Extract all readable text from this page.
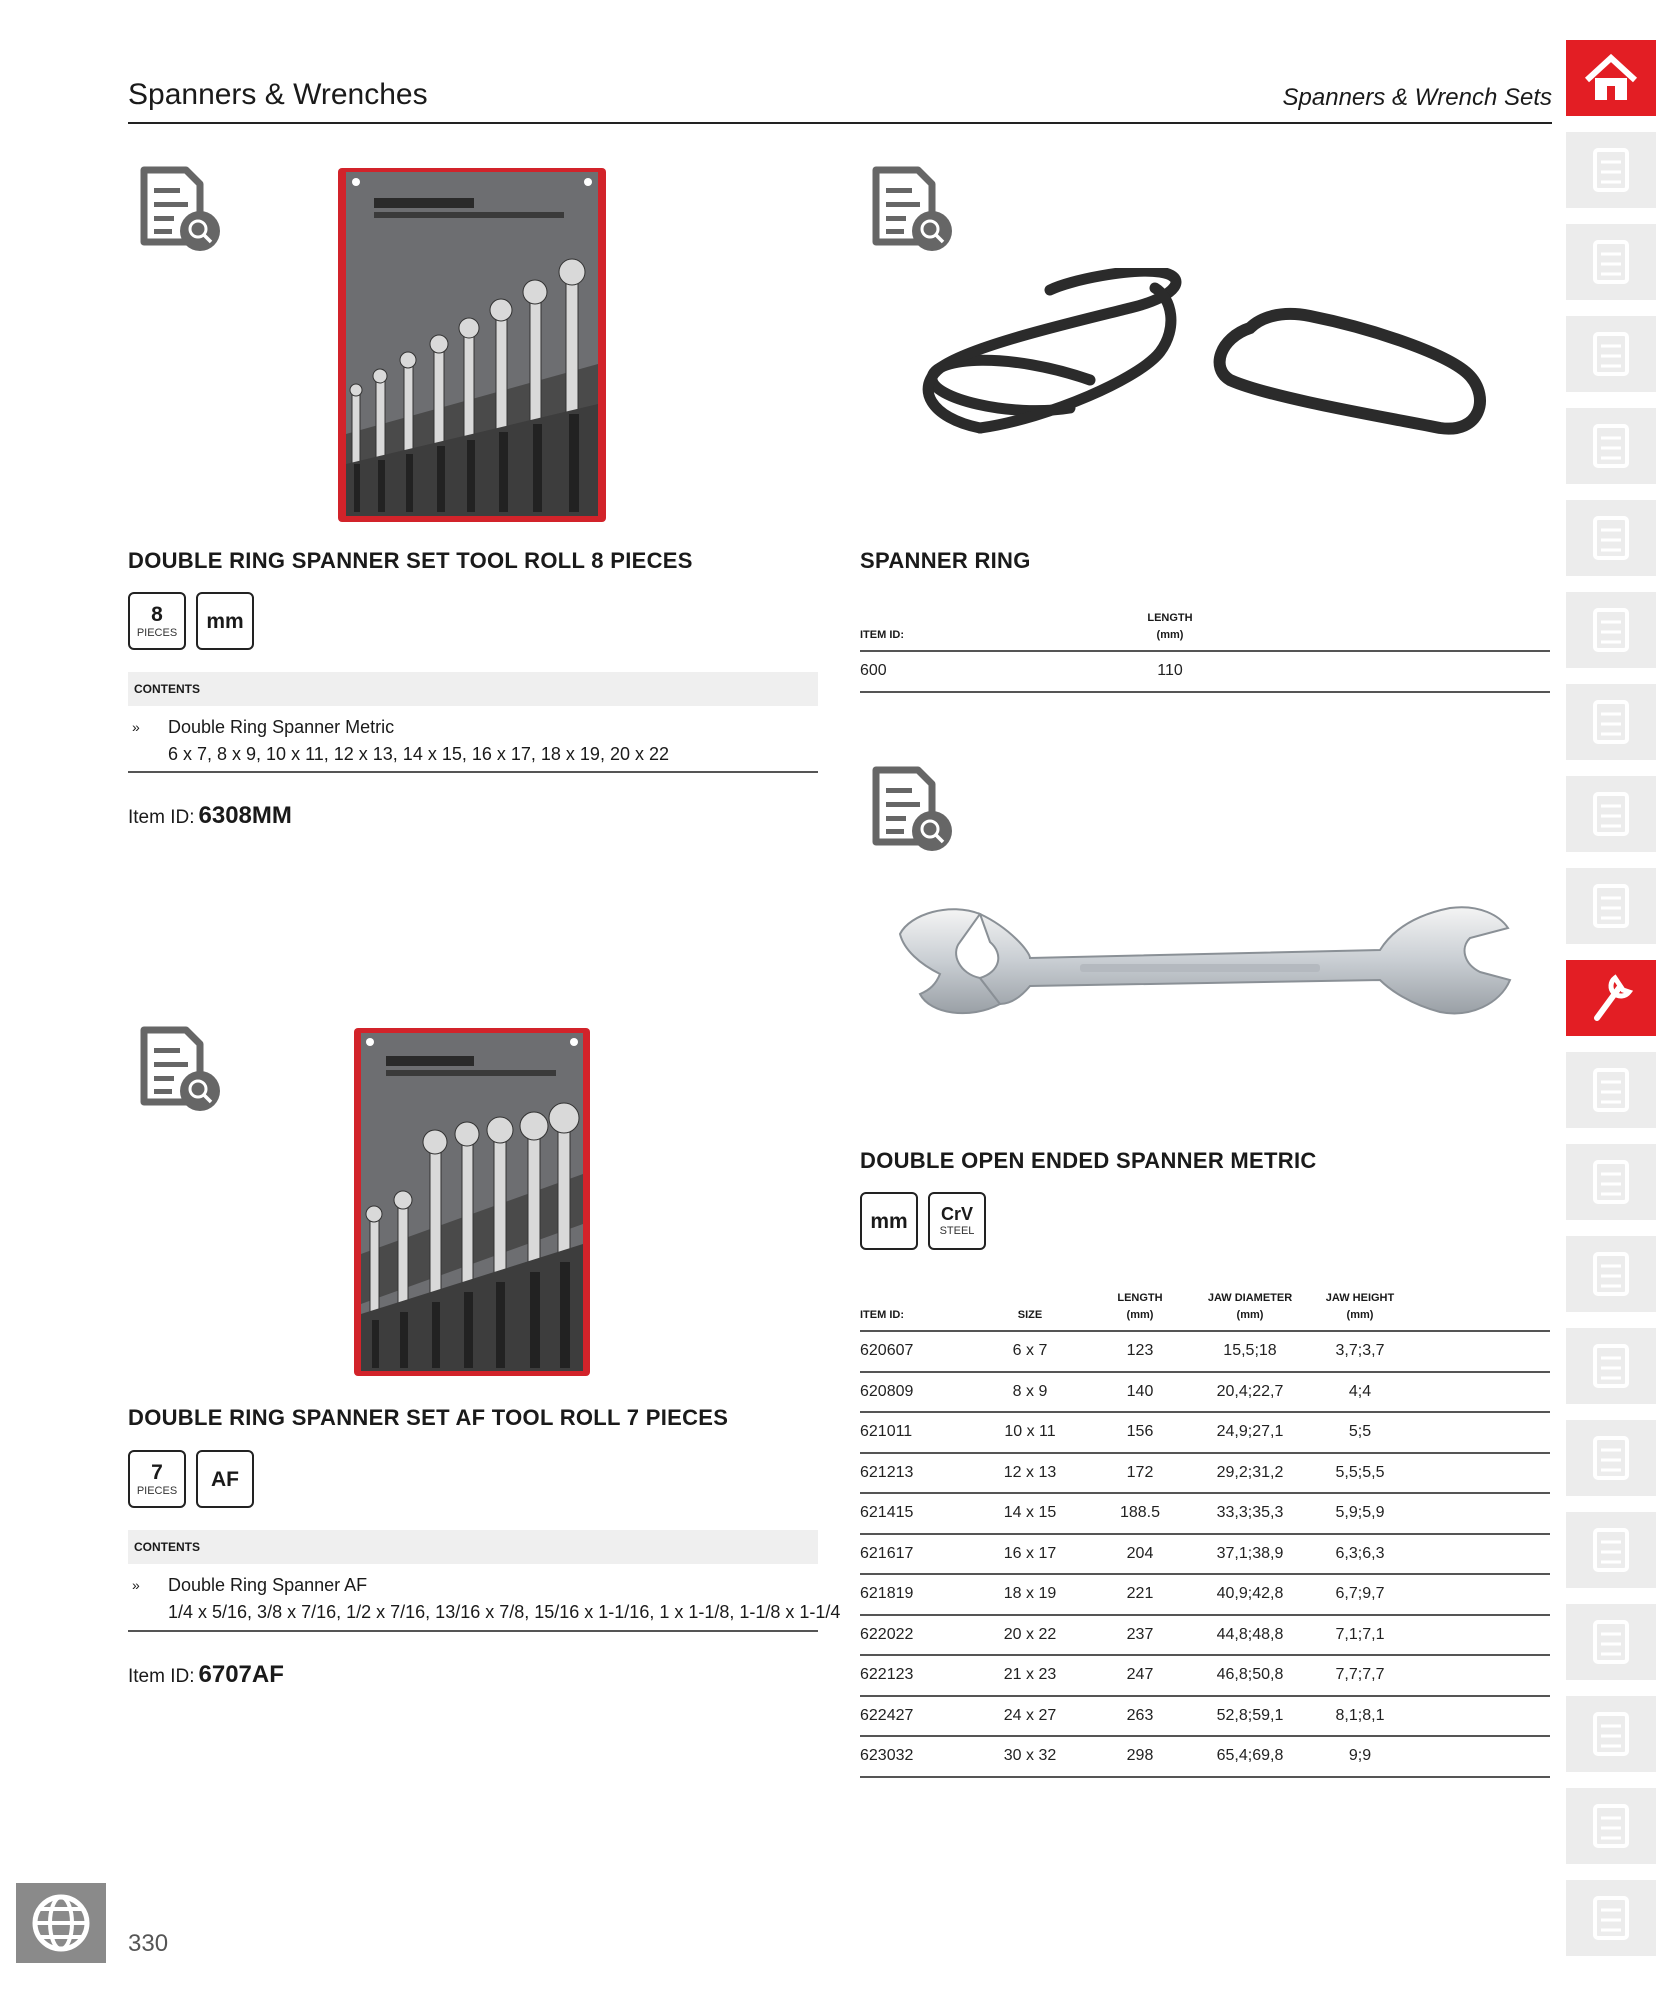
Spanners & Wrenches	Spanners & Wrench Sets
DOUBLE RING SPANNER SET TOOL ROLL 8 PIECES
8
PIECES mm
CONTENTS
» Double Ring Spanner Metric
6 x 7, 8 x 9, 10 x 11, 12 x 13, 14 x 15, 16 x 17, 18 x 19, 20 x 22
Item ID: 6308MM
DOUBLE RING SPANNER SET AF TOOL ROLL 7 PIECES
7
PIECES AF
CONTENTS
» Double Ring Spanner AF
1/4 x 5/16, 3/8 x 7/16, 1/2 x 7/16, 13/16 x 7/8, 15/16 x 1-1/16, 1 x 1-1/8, 1-1/8 x 1-1/4
Item ID: 6707AF
SPANNER RING
ITEM ID:	LENGTH
(mm)	
600	110	
DOUBLE OPEN ENDED SPANNER METRIC
mm CrV
STEEL
ITEM ID:	SIZE	LENGTH
(mm)	JAW DIAMETER
(mm)	JAW HEIGHT
(mm)	
620607	6 x 7	123	15,5;18	3,7;3,7	
620809	8 x 9	140	20,4;22,7	4;4	
621011	10 x 11	156	24,9;27,1	5;5	
621213	12 x 13	172	29,2;31,2	5,5;5,5	
621415	14 x 15	188.5	33,3;35,3	5,9;5,9	
621617	16 x 17	204	37,1;38,9	6,3;6,3	
621819	18 x 19	221	40,9;42,8	6,7;9,7	
622022	20 x 22	237	44,8;48,8	7,1;7,1	
622123	21 x 23	247	46,8;50,8	7,7;7,7	
622427	24 x 27	263	52,8;59,1	8,1;8,1	
623032	30 x 32	298	65,4;69,8	9;9	
330
